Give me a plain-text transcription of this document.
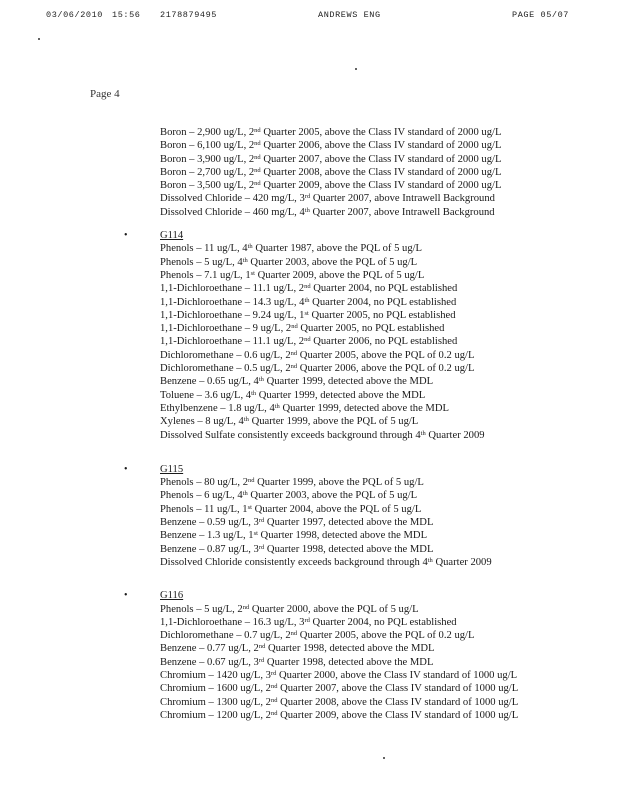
03/06/2010 15:56 2178879495	ANDREWS ENG	PAGE 05/07
Page 4
Boron – 2,900 ug/L, 2nd Quarter 2005, above the Class IV standard of 2000 ug/L
Boron – 6,100 ug/L, 2nd Quarter 2006, above the Class IV standard of 2000 ug/L
Boron – 3,900 ug/L, 2nd Quarter 2007, above the Class IV standard of 2000 ug/L
Boron – 2,700 ug/L, 2nd Quarter 2008, above the Class IV standard of 2000 ug/L
Boron – 3,500 ug/L, 2nd Quarter 2009, above the Class IV standard of 2000 ug/L
Dissolved Chloride – 420 mg/L, 3rd Quarter 2007, above Intrawell Background
Dissolved Chloride – 460 mg/L, 4th Quarter 2007, above Intrawell Background
•	G114
Phenols – 11 ug/L, 4th Quarter 1987, above the PQL of 5 ug/L
Phenols – 5 ug/L, 4th Quarter 2003, above the PQL of 5 ug/L
Phenols – 7.1 ug/L, 1st Quarter 2009, above the PQL of 5 ug/L
1,1-Dichloroethane – 11.1 ug/L, 2nd Quarter 2004, no PQL established
1,1-Dichloroethane – 14.3 ug/L, 4th Quarter 2004, no PQL established
1,1-Dichloroethane – 9.24 ug/L, 1st Quarter 2005, no PQL established
1,1-Dichloroethane – 9 ug/L, 2nd Quarter 2005, no PQL established
1,1-Dichloroethane – 11.1 ug/L, 2nd Quarter 2006, no PQL established
Dichloromethane – 0.6 ug/L, 2nd Quarter 2005, above the PQL of 0.2 ug/L
Dichloromethane – 0.5 ug/L, 2nd Quarter 2006, above the PQL of 0.2 ug/L
Benzene – 0.65 ug/L, 4th Quarter 1999, detected above the MDL
Toluene – 3.6 ug/L, 4th Quarter 1999, detected above the MDL
Ethylbenzene – 1.8 ug/L, 4th Quarter 1999, detected above the MDL
Xylenes – 8 ug/L, 4th Quarter 1999, above the PQL of 5 ug/L
Dissolved Sulfate consistently exceeds background through 4th Quarter 2009
•	G115
Phenols – 80 ug/L, 2nd Quarter 1999, above the PQL of 5 ug/L
Phenols – 6 ug/L, 4th Quarter 2003, above the PQL of 5 ug/L
Phenols – 11 ug/L, 1st Quarter 2004, above the PQL of 5 ug/L
Benzene – 0.59 ug/L, 3rd Quarter 1997, detected above the MDL
Benzene – 1.3 ug/L, 1st Quarter 1998, detected above the MDL
Benzene – 0.87 ug/L, 3rd Quarter 1998, detected above the MDL
Dissolved Chloride consistently exceeds background through 4th Quarter 2009
•	G116
Phenols – 5 ug/L, 2nd Quarter 2000, above the PQL of 5 ug/L
1,1-Dichloroethane – 16.3 ug/L, 3rd Quarter 2004, no PQL established
Dichloromethane – 0.7 ug/L, 2nd Quarter 2005, above the PQL of 0.2 ug/L
Benzene – 0.77 ug/L, 2nd Quarter 1998, detected above the MDL
Benzene – 0.67 ug/L, 3rd Quarter 1998, detected above the MDL
Chromium – 1420 ug/L, 3rd Quarter 2000, above the Class IV standard of 1000 ug/L
Chromium – 1600 ug/L, 2nd Quarter 2007, above the Class IV standard of 1000 ug/L
Chromium – 1300 ug/L, 2nd Quarter 2008, above the Class IV standard of 1000 ug/L
Chromium – 1200 ug/L, 2nd Quarter 2009, above the Class IV standard of 1000 ug/L
